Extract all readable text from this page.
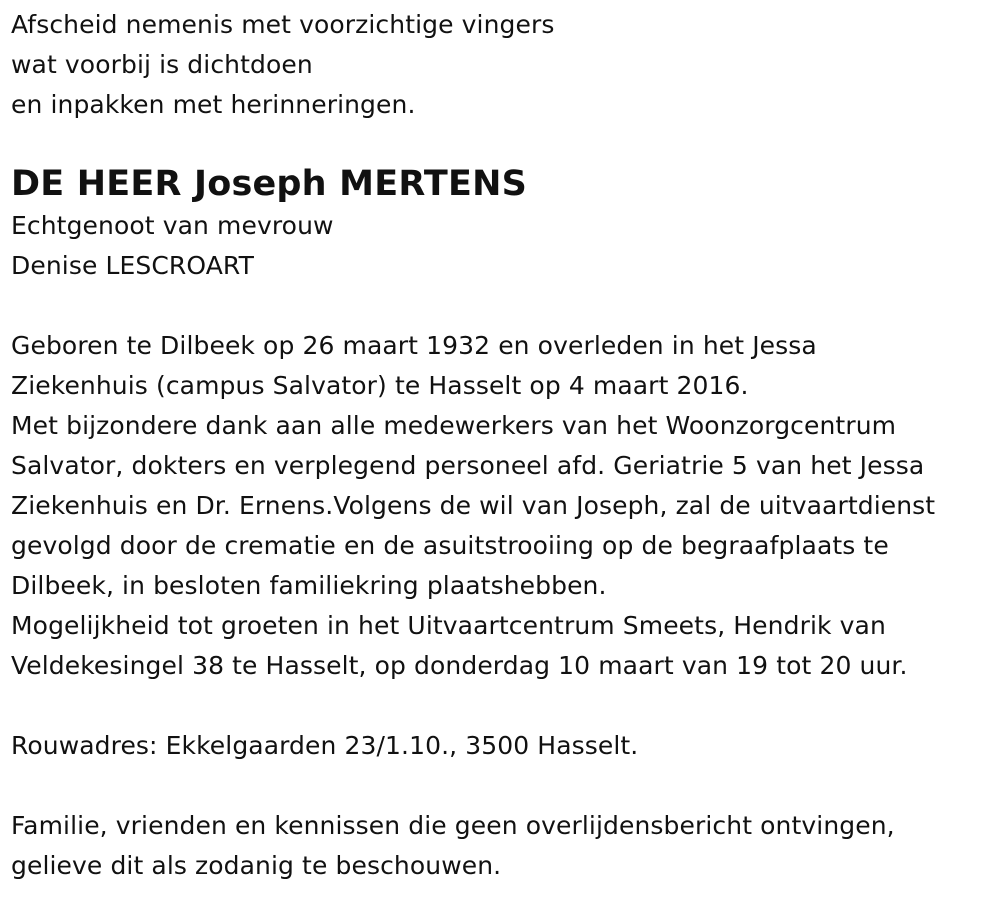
Afscheid nemenis met voorzichtige vingers
wat voorbij is dichtdoen
en inpakken met herinneringen.
DE HEER Joseph MERTENS
Echtgenoot van mevrouw
Denise LESCROART
Geboren te Dilbeek op 26 maart 1932 en overleden in het Jessa
Ziekenhuis (campus Salvator) te Hasselt op 4 maart 2016.
Met bijzondere dank aan alle medewerkers van het Woonzorgcentrum
Salvator, dokters en verplegend personeel afd. Geriatrie 5 van het Jessa
Ziekenhuis en Dr. Ernens.Volgens de wil van Joseph, zal de uitvaartdienst
gevolgd door de crematie en de asuitstrooiing op de begraafplaats te
Dilbeek, in besloten familiekring plaatshebben.
Mogelijkheid tot groeten in het Uitvaartcentrum Smeets, Hendrik van
Veldekesingel 38 te Hasselt, op donderdag 10 maart van 19 tot 20 uur.
Rouwadres: Ekkelgaarden 23/1.10., 3500 Hasselt.
Familie, vrienden en kennissen die geen overlijdensbericht ontvingen,
gelieve dit als zodanig te beschouwen.
